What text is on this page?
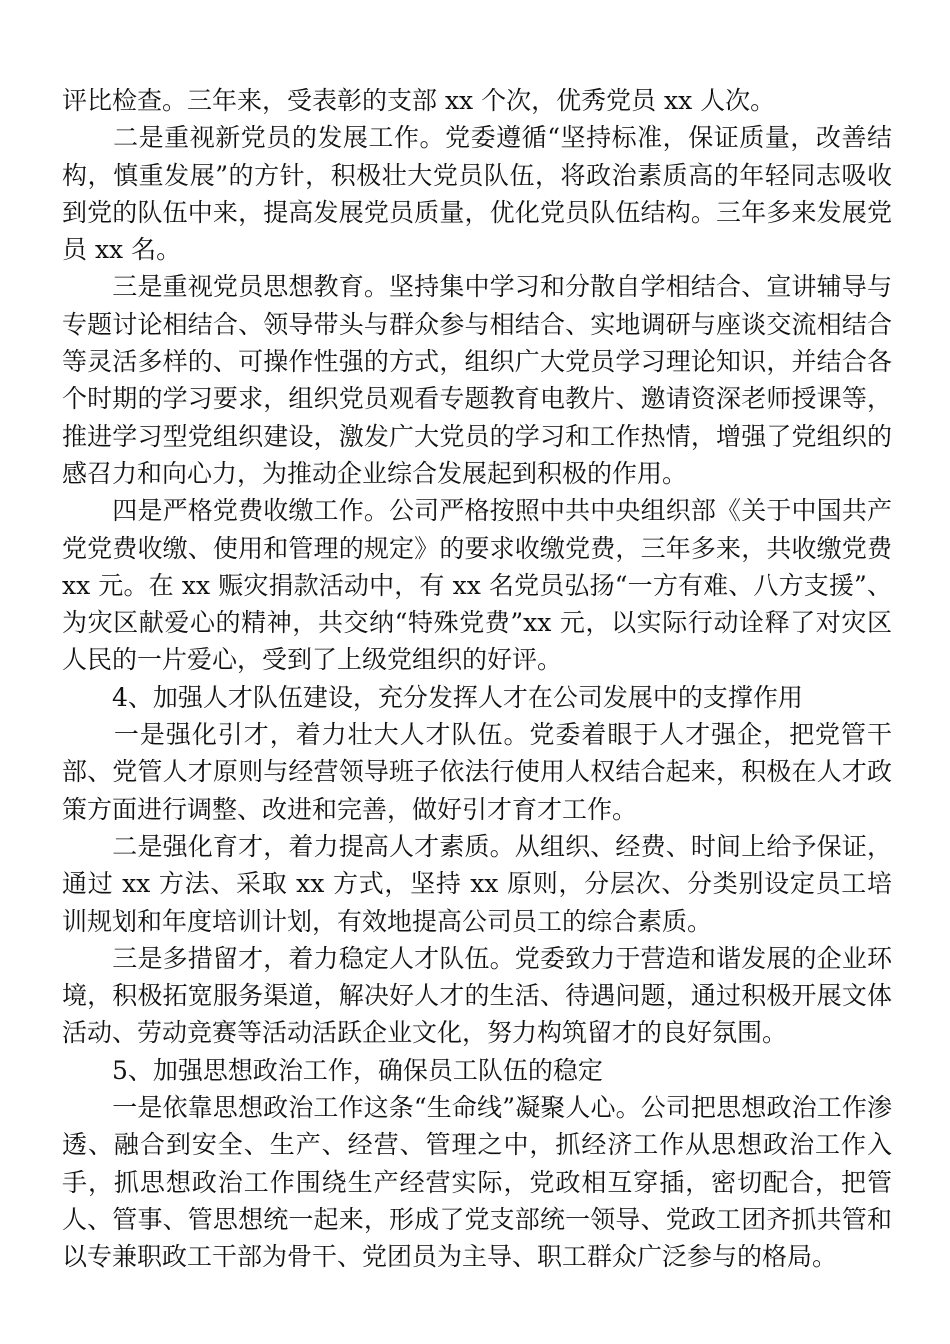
评比检查。三年来，受表彰的支部 xx 个次，优秀党员 xx 人次。

　　二是重视新党员的发展工作。党委遵循“坚持标准，保证质量，改善结构，慎重发展”的方针，积极壮大党员队伍，将政治素质高的年轻同志吸收到党的队伍中来，提高发展党员质量，优化党员队伍结构。三年多来发展党员 xx 名。

　　三是重视党员思想教育。坚持集中学习和分散自学相结合、宣讲辅导与专题讨论相结合、领导带头与群众参与相结合、实地调研与座谈交流相结合等灵活多样的、可操作性强的方式，组织广大党员学习理论知识，并结合各个时期的学习要求，组织党员观看专题教育电教片、邀请资深老师授课等，推进学习型党组织建设，激发广大党员的学习和工作热情，增强了党组织的感召力和向心力，为推动企业综合发展起到积极的作用。

　　四是严格党费收缴工作。公司严格按照中共中央组织部《关于中国共产党党费收缴、使用和管理的规定》的要求收缴党费，三年多来，共收缴党费 xx 元。在 xx 赈灾捐款活动中，有 xx 名党员弘扬“一方有难、八方支援”、为灾区献爱心的精神，共交纳“特殊党费”xx 元，以实际行动诠释了对灾区人民的一片爱心，受到了上级党组织的好评。

　　4、加强人才队伍建设，充分发挥人才在公司发展中的支撑作用

　　一是强化引才，着力壮大人才队伍。党委着眼于人才强企，把党管干部、党管人才原则与经营领导班子依法行使用人权结合起来，积极在人才政策方面进行调整、改进和完善，做好引才育才工作。

　　二是强化育才，着力提高人才素质。从组织、经费、时间上给予保证，通过 xx 方法、采取 xx 方式，坚持 xx 原则，分层次、分类别设定员工培训规划和年度培训计划，有效地提高公司员工的综合素质。

　　三是多措留才，着力稳定人才队伍。党委致力于营造和谐发展的企业环境，积极拓宽服务渠道，解决好人才的生活、待遇问题，通过积极开展文体活动、劳动竞赛等活动活跃企业文化，努力构筑留才的良好氛围。

　　5、加强思想政治工作，确保员工队伍的稳定

　　一是依靠思想政治工作这条“生命线”凝聚人心。公司把思想政治工作渗透、融合到安全、生产、经营、管理之中，抓经济工作从思想政治工作入手，抓思想政治工作围绕生产经营实际，党政相互穿插，密切配合，把管人、管事、管思想统一起来，形成了党支部统一领导、党政工团齐抓共管和以专兼职政工干部为骨干、党团员为主导、职工群众广泛参与的格局。
